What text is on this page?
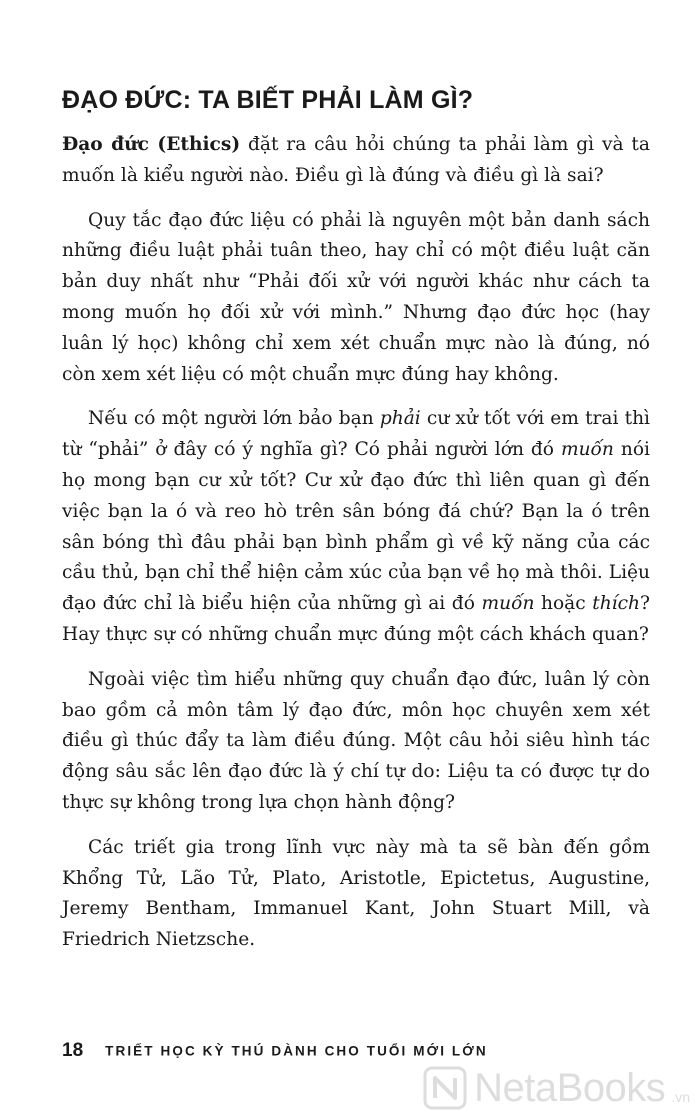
ĐẠO ĐỨC: TA BIẾT PHẢI LÀM GÌ?

Đạo đức (Ethics) đặt ra câu hỏi chúng ta phải làm gì và ta muốn là kiểu người nào. Điều gì là đúng và điều gì là sai?

Quy tắc đạo đức liệu có phải là nguyên một bản danh sách những điều luật phải tuân theo, hay chỉ có một điều luật căn bản duy nhất như “Phải đối xử với người khác như cách ta mong muốn họ đối xử với mình.” Nhưng đạo đức học (hay luân lý học) không chỉ xem xét chuẩn mực nào là đúng, nó còn xem xét liệu có một chuẩn mực đúng hay không.

Nếu có một người lớn bảo bạn phải cư xử tốt với em trai thì từ “phải” ở đây có ý nghĩa gì? Có phải người lớn đó muốn nói họ mong bạn cư xử tốt? Cư xử đạo đức thì liên quan gì đến việc bạn la ó và reo hò trên sân bóng đá chứ? Bạn la ó trên sân bóng thì đâu phải bạn bình phẩm gì về kỹ năng của các cầu thủ, bạn chỉ thể hiện cảm xúc của bạn về họ mà thôi. Liệu đạo đức chỉ là biểu hiện của những gì ai đó muốn hoặc thích? Hay thực sự có những chuẩn mực đúng một cách khách quan?

Ngoài việc tìm hiểu những quy chuẩn đạo đức, luân lý còn bao gồm cả môn tâm lý đạo đức, môn học chuyên xem xét điều gì thúc đẩy ta làm điều đúng. Một câu hỏi siêu hình tác động sâu sắc lên đạo đức là ý chí tự do: Liệu ta có được tự do thực sự không trong lựa chọn hành động?

Các triết gia trong lĩnh vực này mà ta sẽ bàn đến gồm Khổng Tử, Lão Tử, Plato, Aristotle, Epictetus, Augustine, Jeremy Bentham, Immanuel Kant, John Stuart Mill, và Friedrich Nietzsche.

18 TRIẾT HỌC KỲ THÚ DÀNH CHO TUỔI MỚI LỚN
NetaBooks .vn
